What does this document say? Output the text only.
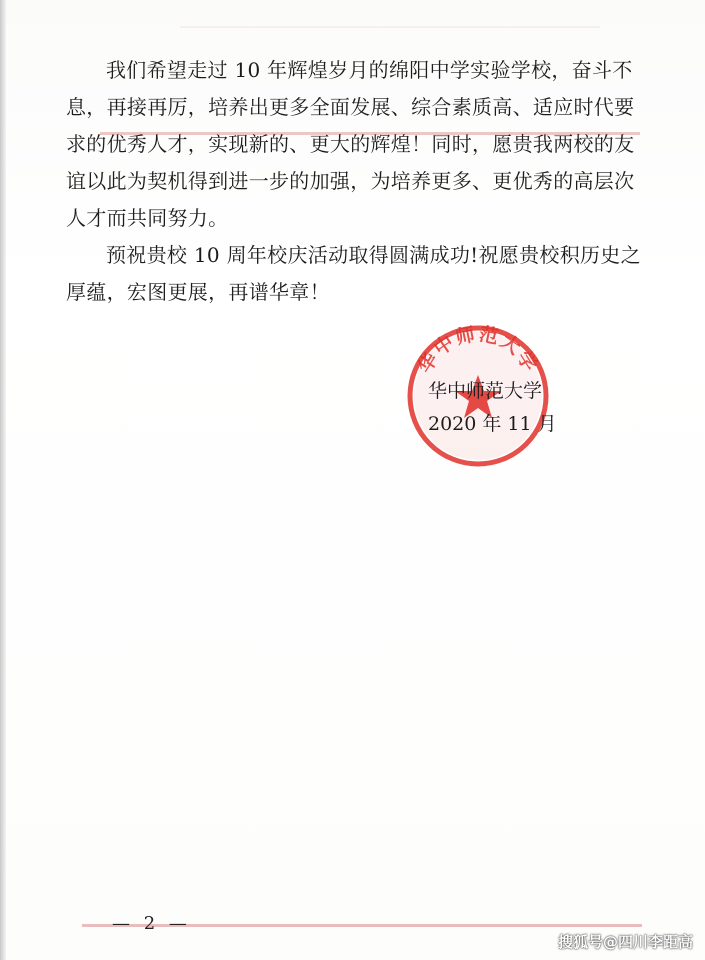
我们希望走过 10 年辉煌岁月的绵阳中学实验学校，奋斗不
息，再接再厉，培养出更多全面发展、综合素质高、适应时代要
求的优秀人才，实现新的、更大的辉煌！同时，愿贵我两校的友
谊以此为契机得到进一步的加强，为培养更多、更优秀的高层次
人才而共同努力。
预祝贵校 10 周年校庆活动取得圆满成功!祝愿贵校积历史之
厚蕴，宏图更展，再谱华章！
华中师范大学
华中师范大学
2020 年 11 月
— 2 —
搜狐号@四川李距高
